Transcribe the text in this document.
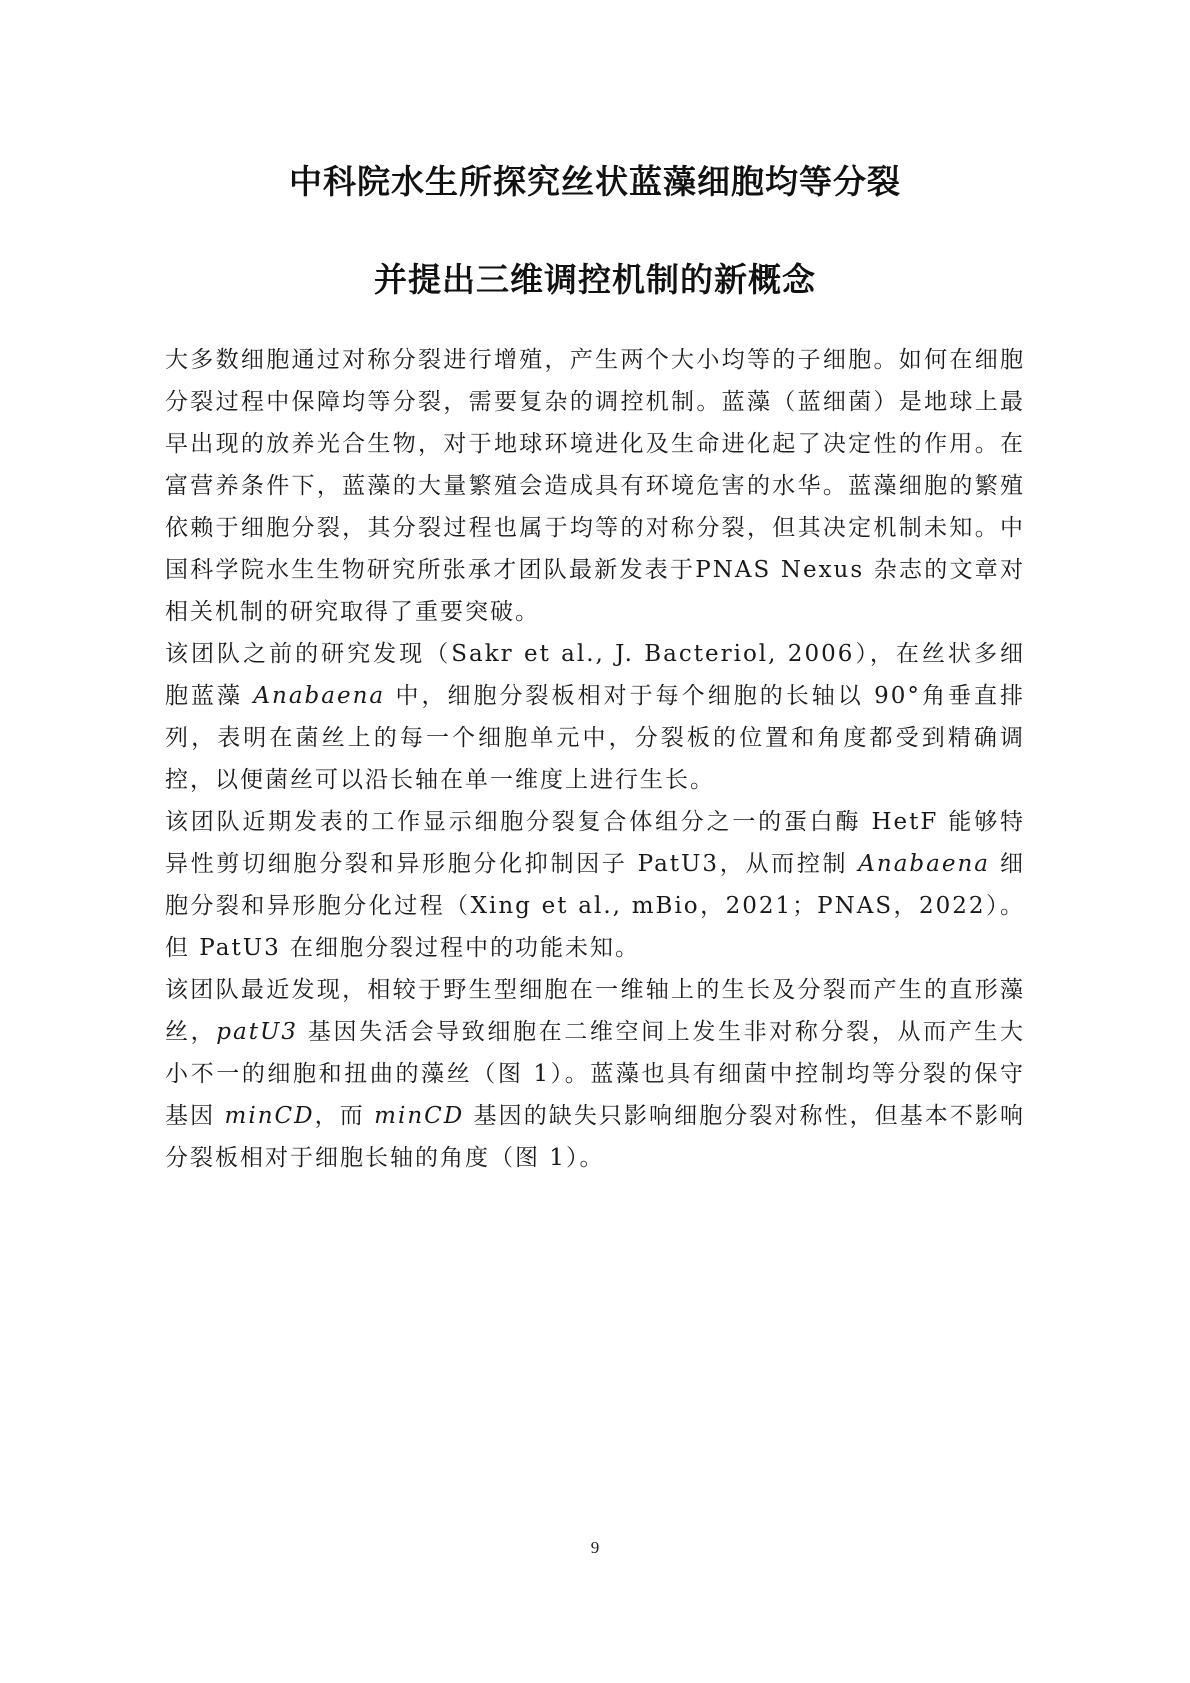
中科院水生所探究丝状蓝藻细胞均等分裂
并提出三维调控机制的新概念

大多数细胞通过对称分裂进行增殖，产生两个大小均等的子细胞。如何在细胞分裂过程中保障均等分裂，需要复杂的调控机制。蓝藻（蓝细菌）是地球上最早出现的放养光合生物，对于地球环境进化及生命进化起了决定性的作用。在富营养条件下，蓝藻的大量繁殖会造成具有环境危害的水华。蓝藻细胞的繁殖依赖于细胞分裂，其分裂过程也属于均等的对称分裂，但其决定机制未知。中国科学院水生生物研究所张承才团队最新发表于PNAS Nexus 杂志的文章对相关机制的研究取得了重要突破。

该团队之前的研究发现（Sakr et al., J. Bacteriol, 2006），在丝状多细胞蓝藻 Anabaena 中，细胞分裂板相对于每个细胞的长轴以 90°角垂直排列，表明在菌丝上的每一个细胞单元中，分裂板的位置和角度都受到精确调控，以便菌丝可以沿长轴在单一维度上进行生长。

该团队近期发表的工作显示细胞分裂复合体组分之一的蛋白酶 HetF 能够特异性剪切细胞分裂和异形胞分化抑制因子 PatU3，从而控制 Anabaena 细胞分裂和异形胞分化过程（Xing et al., mBio，2021；PNAS，2022）。但 PatU3 在细胞分裂过程中的功能未知。

该团队最近发现，相较于野生型细胞在一维轴上的生长及分裂而产生的直形藻丝，patU3 基因失活会导致细胞在二维空间上发生非对称分裂，从而产生大小不一的细胞和扭曲的藻丝（图 1）。蓝藻也具有细菌中控制均等分裂的保守基因 minCD，而 minCD 基因的缺失只影响细胞分裂对称性，但基本不影响分裂板相对于细胞长轴的角度（图 1）。

9
